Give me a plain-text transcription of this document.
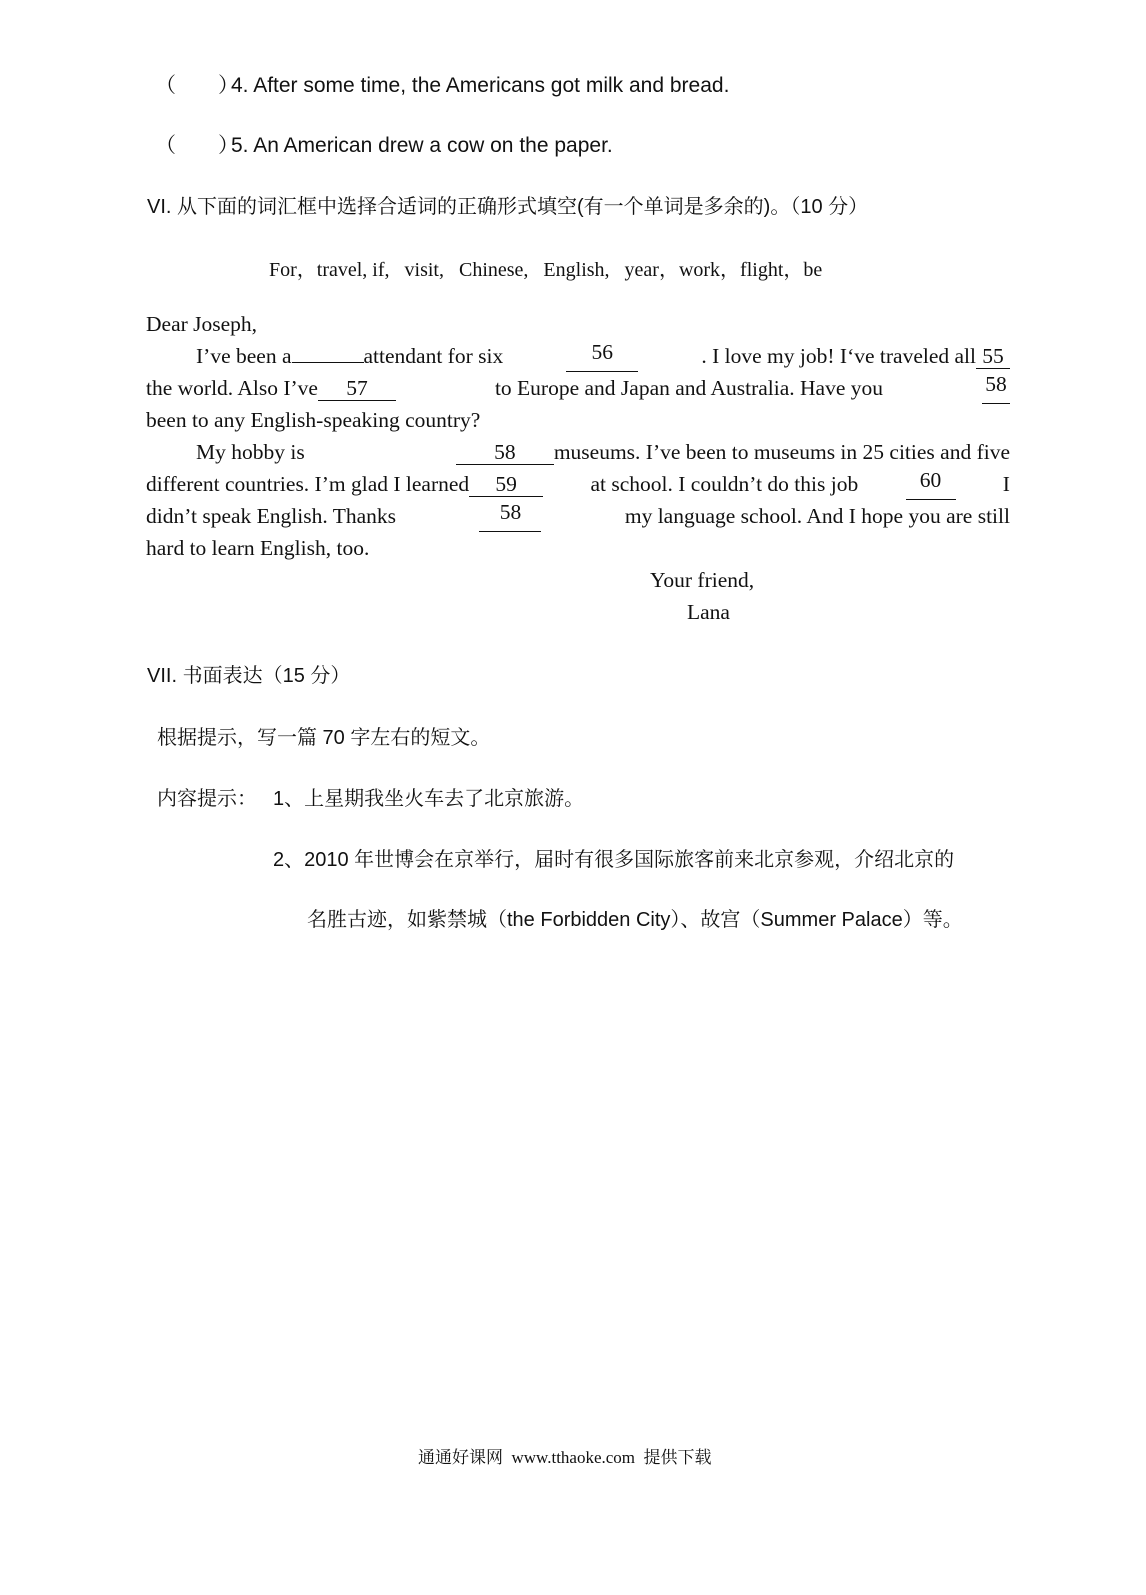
（　　）4. After some time, the Americans got milk and bread.
（　　）5. An American drew a cow on the paper.
VI. 从下面的词汇框中选择合适词的正确形式填空(有一个单词是多余的)。（10 分）
For，travel, if,   visit,   Chinese,   English,   year，work，flight，be
Dear Joseph,
I’ve been a	attendant for six	56	. I love my job! I‘ve traveled all 55
the world. Also I’ve 57	to Europe and Japan and Australia. Have you	58
been to any English-speaking country?
My hobby is	58 museums. I’ve been to museums in 25 cities and five
different countries. I’m glad I learned 59	at school. I couldn’t do this job	60	I
didn’t speak English. Thanks	58	my language school. And I hope you are still
hard to learn English, too.
Your friend,
Lana
VII. 书面表达（15 分）
根据提示，写一篇 70 字左右的短文。
内容提示： 1、上星期我坐火车去了北京旅游。
2、2010 年世博会在京举行，届时有很多国际旅客前来北京参观，介绍北京的
名胜古迹，如紫禁城（the Forbidden City）、故宫（Summer Palace）等。
通通好课网  www.tthaoke.com  提供下载
